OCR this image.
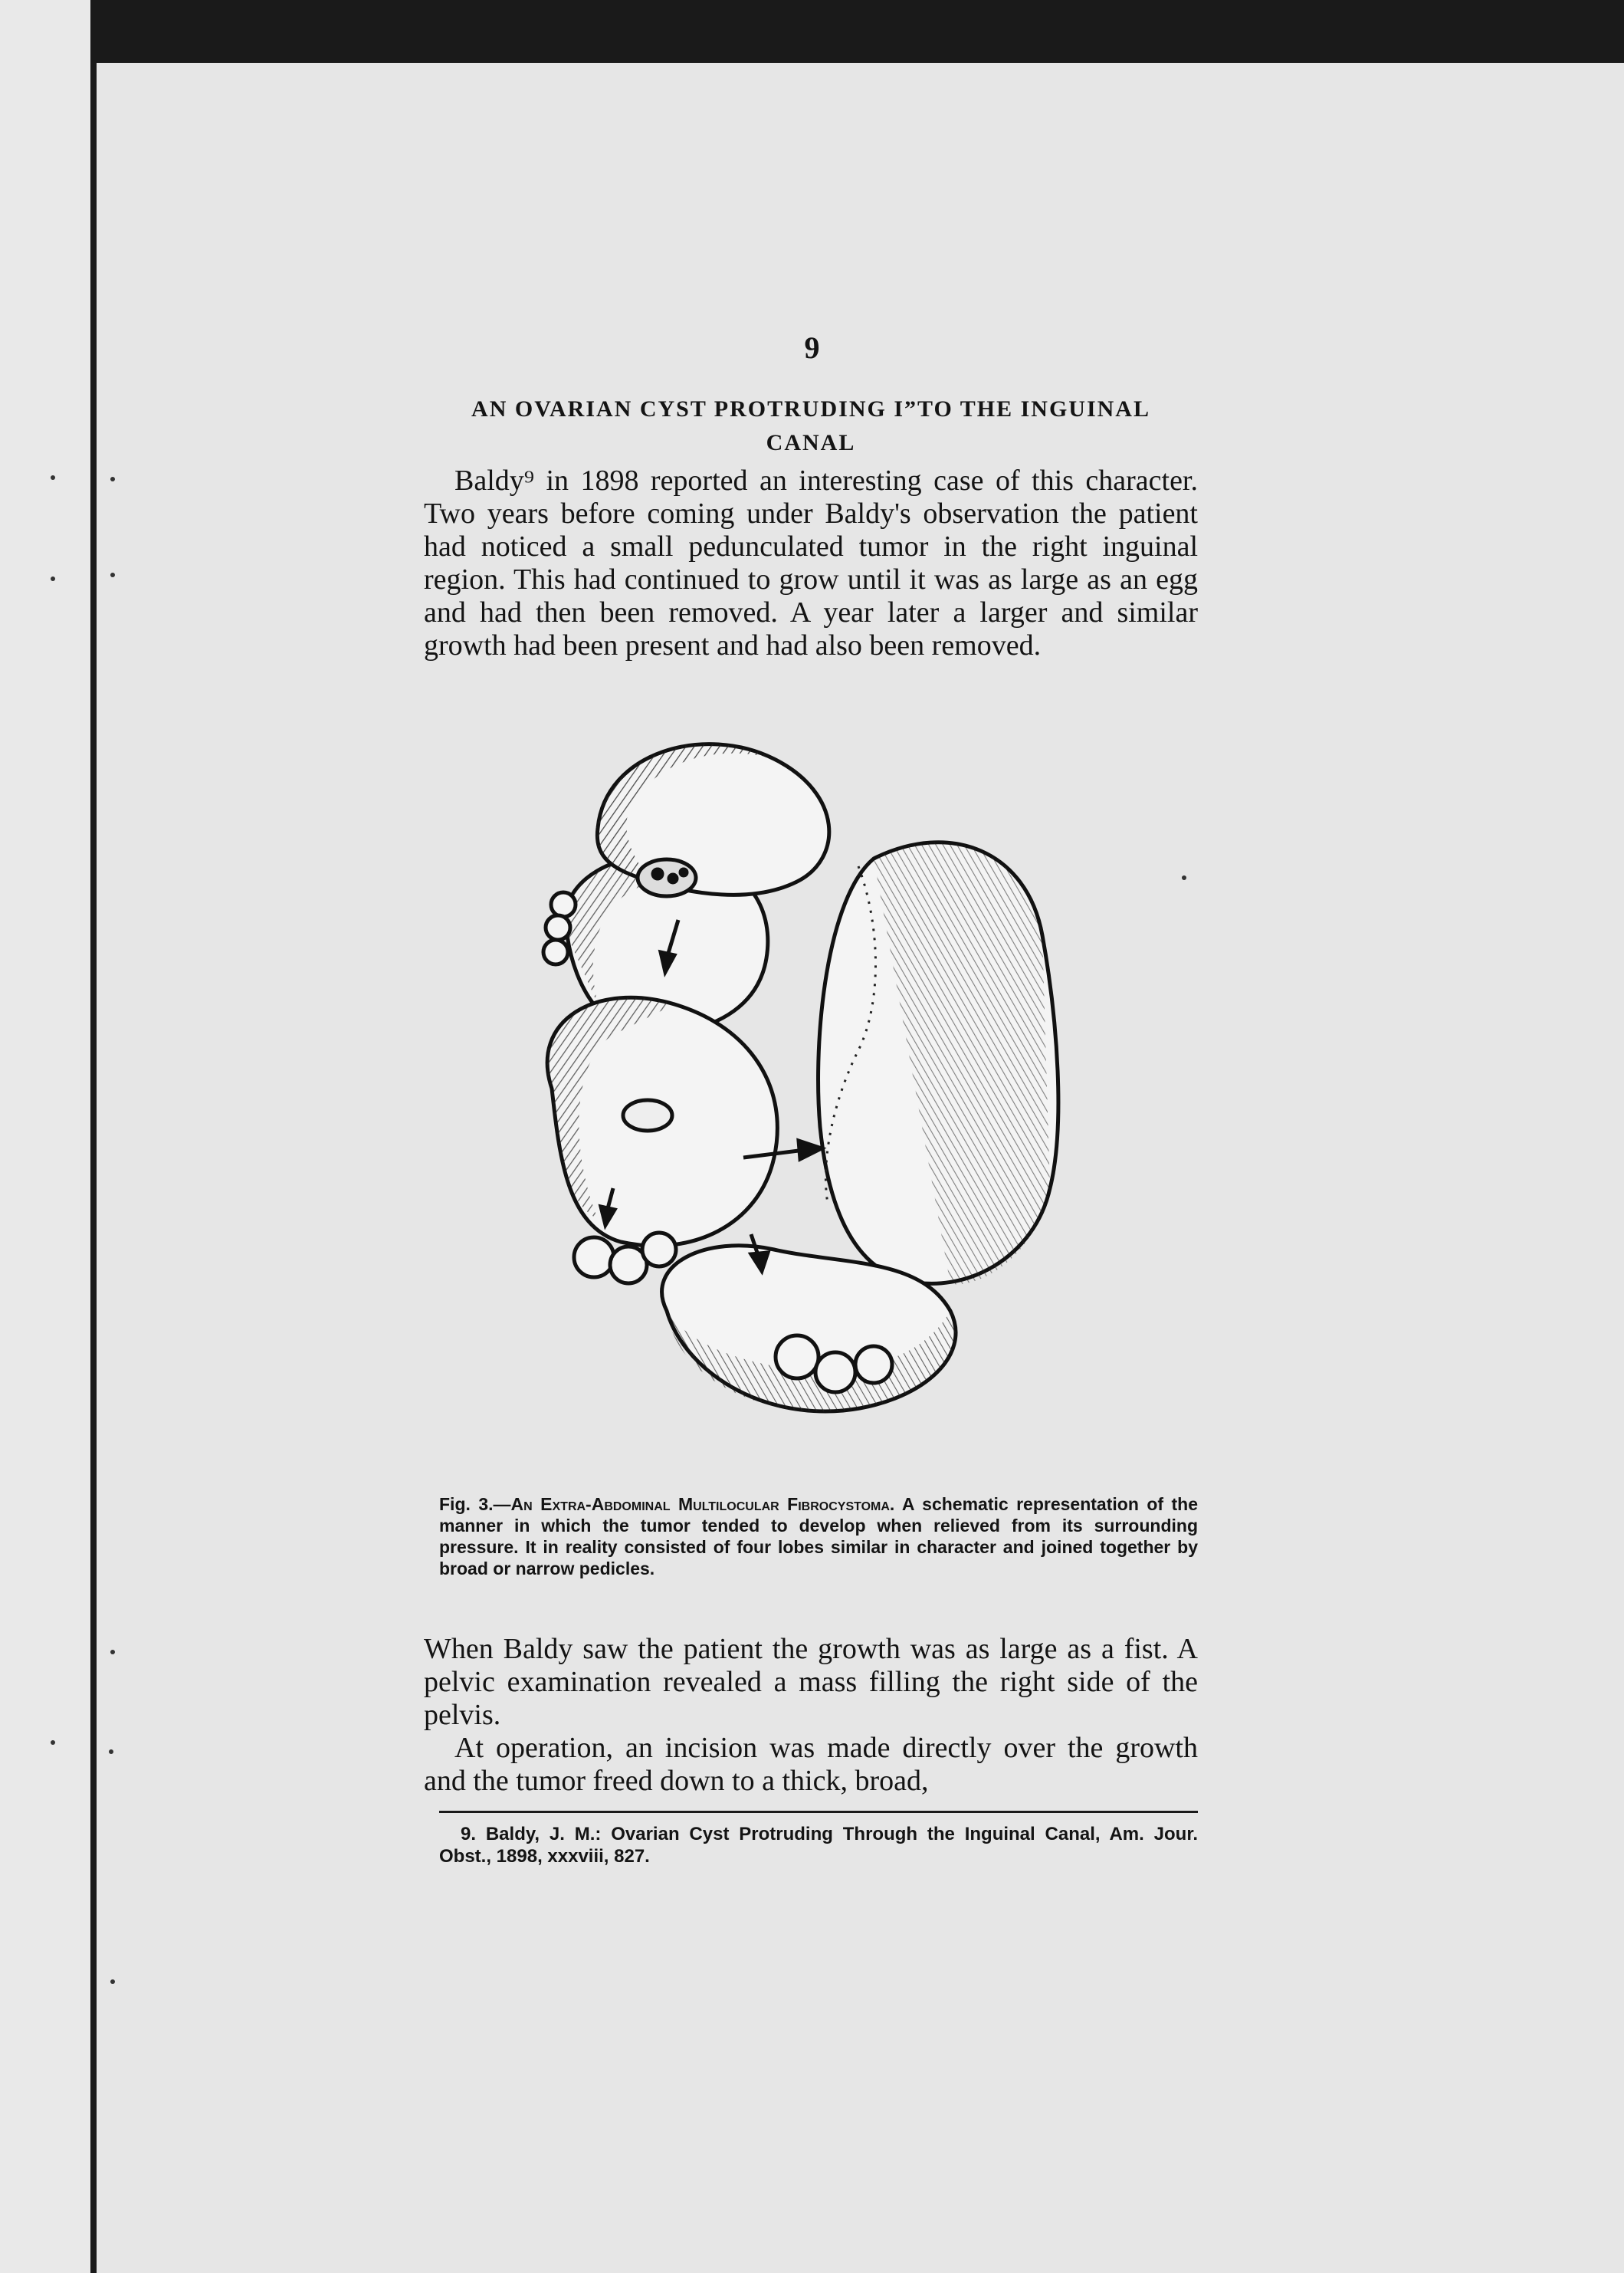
9
AN OVARIAN CYST PROTRUDING I”TO THE INGUINAL CANAL

Baldy⁹ in 1898 reported an interesting case of this character. Two years before coming under Baldy's observation the patient had noticed a small pedunculated tumor in the right inguinal region. This had continued to grow until it was as large as an egg and had then been removed. A year later a larger and similar growth had been present and had also been removed.

Fig. 3.—An Extra-Abdominal Multilocular Fibrocystoma. A schematic representation of the manner in which the tumor tended to develop when relieved from its surrounding pressure. It in reality consisted of four lobes similar in character and joined together by broad or narrow pedicles.

When Baldy saw the patient the growth was as large as a fist. A pelvic examination revealed a mass filling the right side of the pelvis.

At operation, an incision was made directly over the growth and the tumor freed down to a thick, broad,

9. Baldy, J. M.: Ovarian Cyst Protruding Through the Inguinal Canal, Am. Jour. Obst., 1898, xxxviii, 827.
